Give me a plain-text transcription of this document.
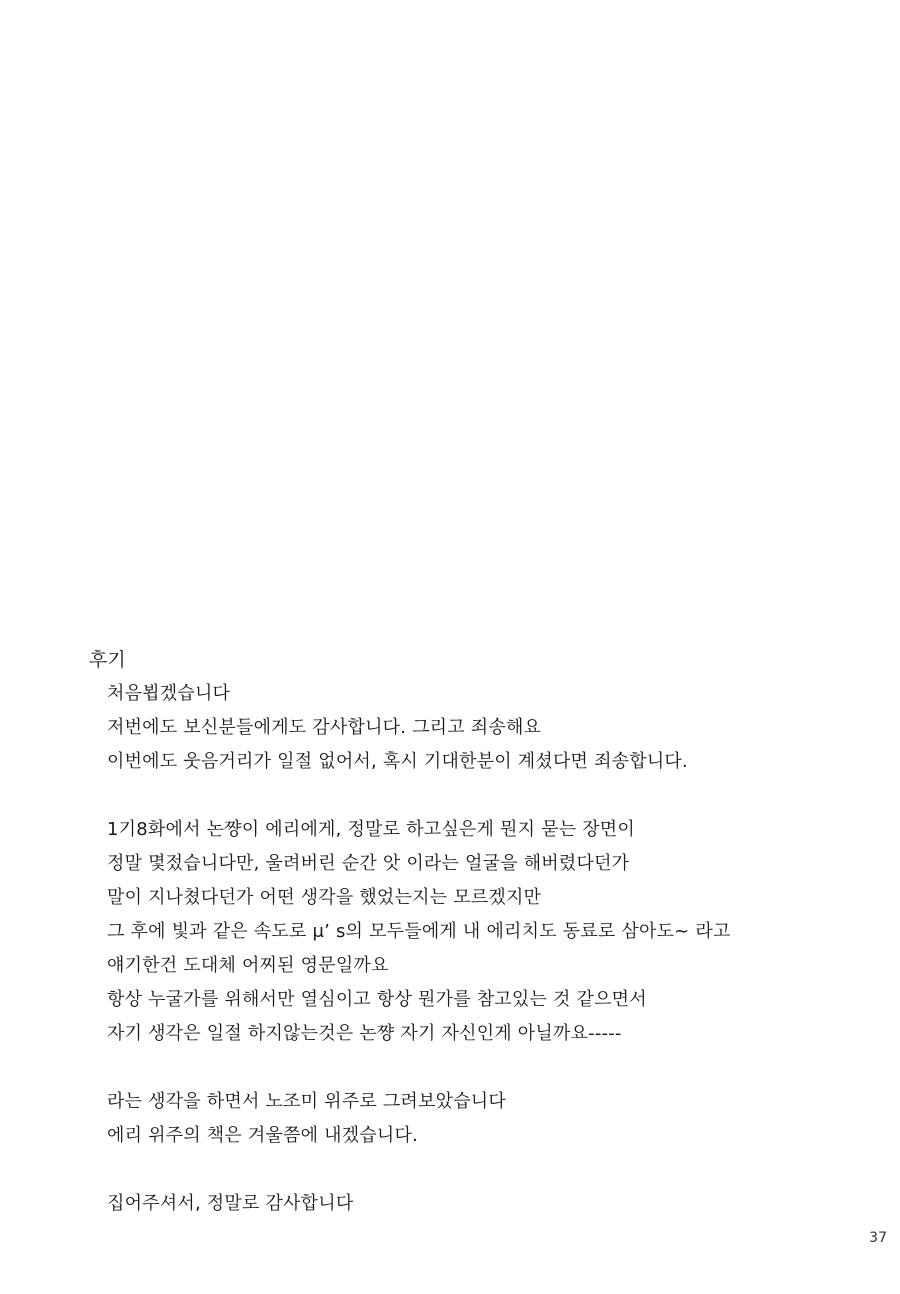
후기
처음뵙겠습니다
저번에도 보신분들에게도 감사합니다. 그리고 죄송해요
이번에도 웃음거리가 일절 없어서, 혹시 기대한분이 계셨다면 죄송합니다.
1기8화에서 논쨩이 에리에게, 정말로 하고싶은게 뭔지 묻는 장면이
정말 몇젔습니다만, 울려버린 순간 앗 이라는 얼굴을 해버렸다던가
말이 지나쳤다던가 어떤 생각을 했었는지는 모르겠지만
그 후에 빛과 같은 속도로 μ’ s의 모두들에게 내 에리치도 동료로 삼아도~ 라고
얘기한건 도대체 어찌된 영문일까요
항상 누굴가를 위해서만 열심이고 항상 뭔가를 참고있는 것 같으면서
자기 생각은 일절 하지않는것은 논쨩 자기 자신인게 아닐까요-----
라는 생각을 하면서 노조미 위주로 그려보았습니다
에리 위주의 책은 겨울쯤에 내겠습니다.
집어주셔서, 정말로 감사합니다
37
